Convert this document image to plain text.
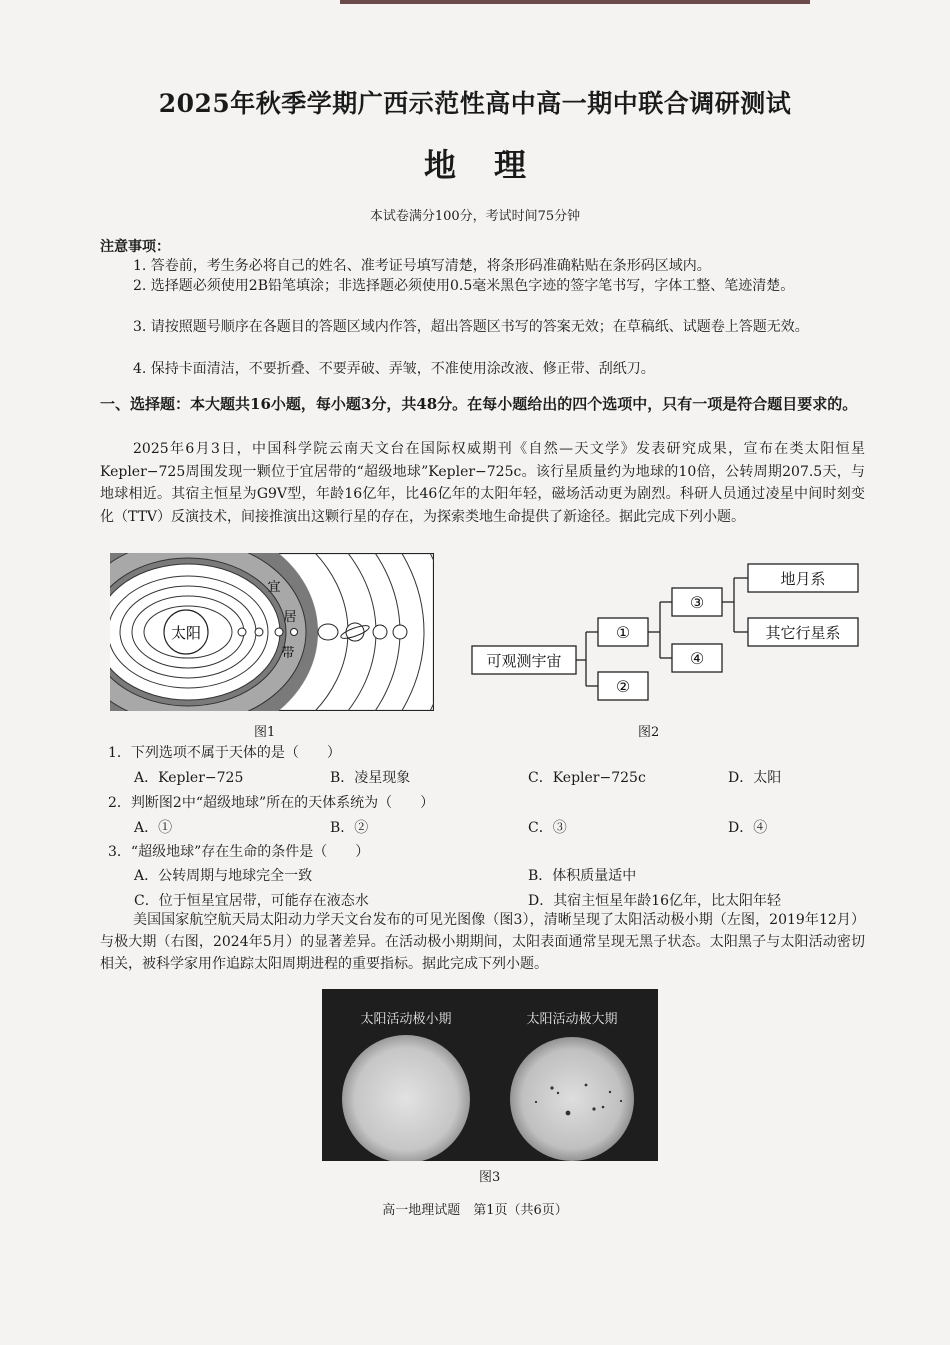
2025年秋季学期广西示范性高中高一期中联合调研测试
地理
本试卷满分100分，考试时间75分钟
注意事项：
1. 答卷前，考生务必将自己的姓名、准考证号填写清楚，将条形码准确粘贴在条形码区域内。
2. 选择题必须使用2B铅笔填涂；非选择题必须使用0.5毫米黑色字迹的签字笔书写，字体工整、笔迹清楚。
3. 请按照题号顺序在各题目的答题区域内作答，超出答题区书写的答案无效；在草稿纸、试题卷上答题无效。
4. 保持卡面清洁，不要折叠、不要弄破、弄皱，不准使用涂改液、修正带、刮纸刀。
一、选择题：本大题共16小题，每小题3分，共48分。在每小题给出的四个选项中，只有一项是符合题目要求的。
2025年6月3日，中国科学院云南天文台在国际权威期刊《自然—天文学》发表研究成果，宣布在类太阳恒星Kepler−725周围发现一颗位于宜居带的“超级地球”Kepler−725c。该行星质量约为地球的10倍，公转周期207.5天，与地球相近。其宿主恒星为G9V型，年龄16亿年，比46亿年的太阳年轻，磁场活动更为剧烈。科研人员通过凌星中间时刻变化（TTV）反演技术，间接推演出这颗行星的存在，为探索类地生命提供了新途径。据此完成下列小题。
太阳
宜
居
带
图1
可观测宇宙
①
②
③
④
地月系
其它行星系
图2
1．下列选项不属于天体的是（　　）
A．Kepler−725	B．凌星现象	C．Kepler−725c	D．太阳
2．判断图2中“超级地球”所在的天体系统为（　　）
A．①	B．②	C．③	D．④
3．“超级地球”存在生命的条件是（　　）
A．公转周期与地球完全一致	B．体积质量适中
C．位于恒星宜居带，可能存在液态水	D．其宿主恒星年龄16亿年，比太阳年轻
美国国家航空航天局太阳动力学天文台发布的可见光图像（图3），清晰呈现了太阳活动极小期（左图，2019年12月）与极大期（右图，2024年5月）的显著差异。在活动极小期期间，太阳表面通常呈现无黑子状态。太阳黑子与太阳活动密切相关，被科学家用作追踪太阳周期进程的重要指标。据此完成下列小题。
太阳活动极小期	太阳活动极大期
图3
高一地理试题　第1页（共6页）
